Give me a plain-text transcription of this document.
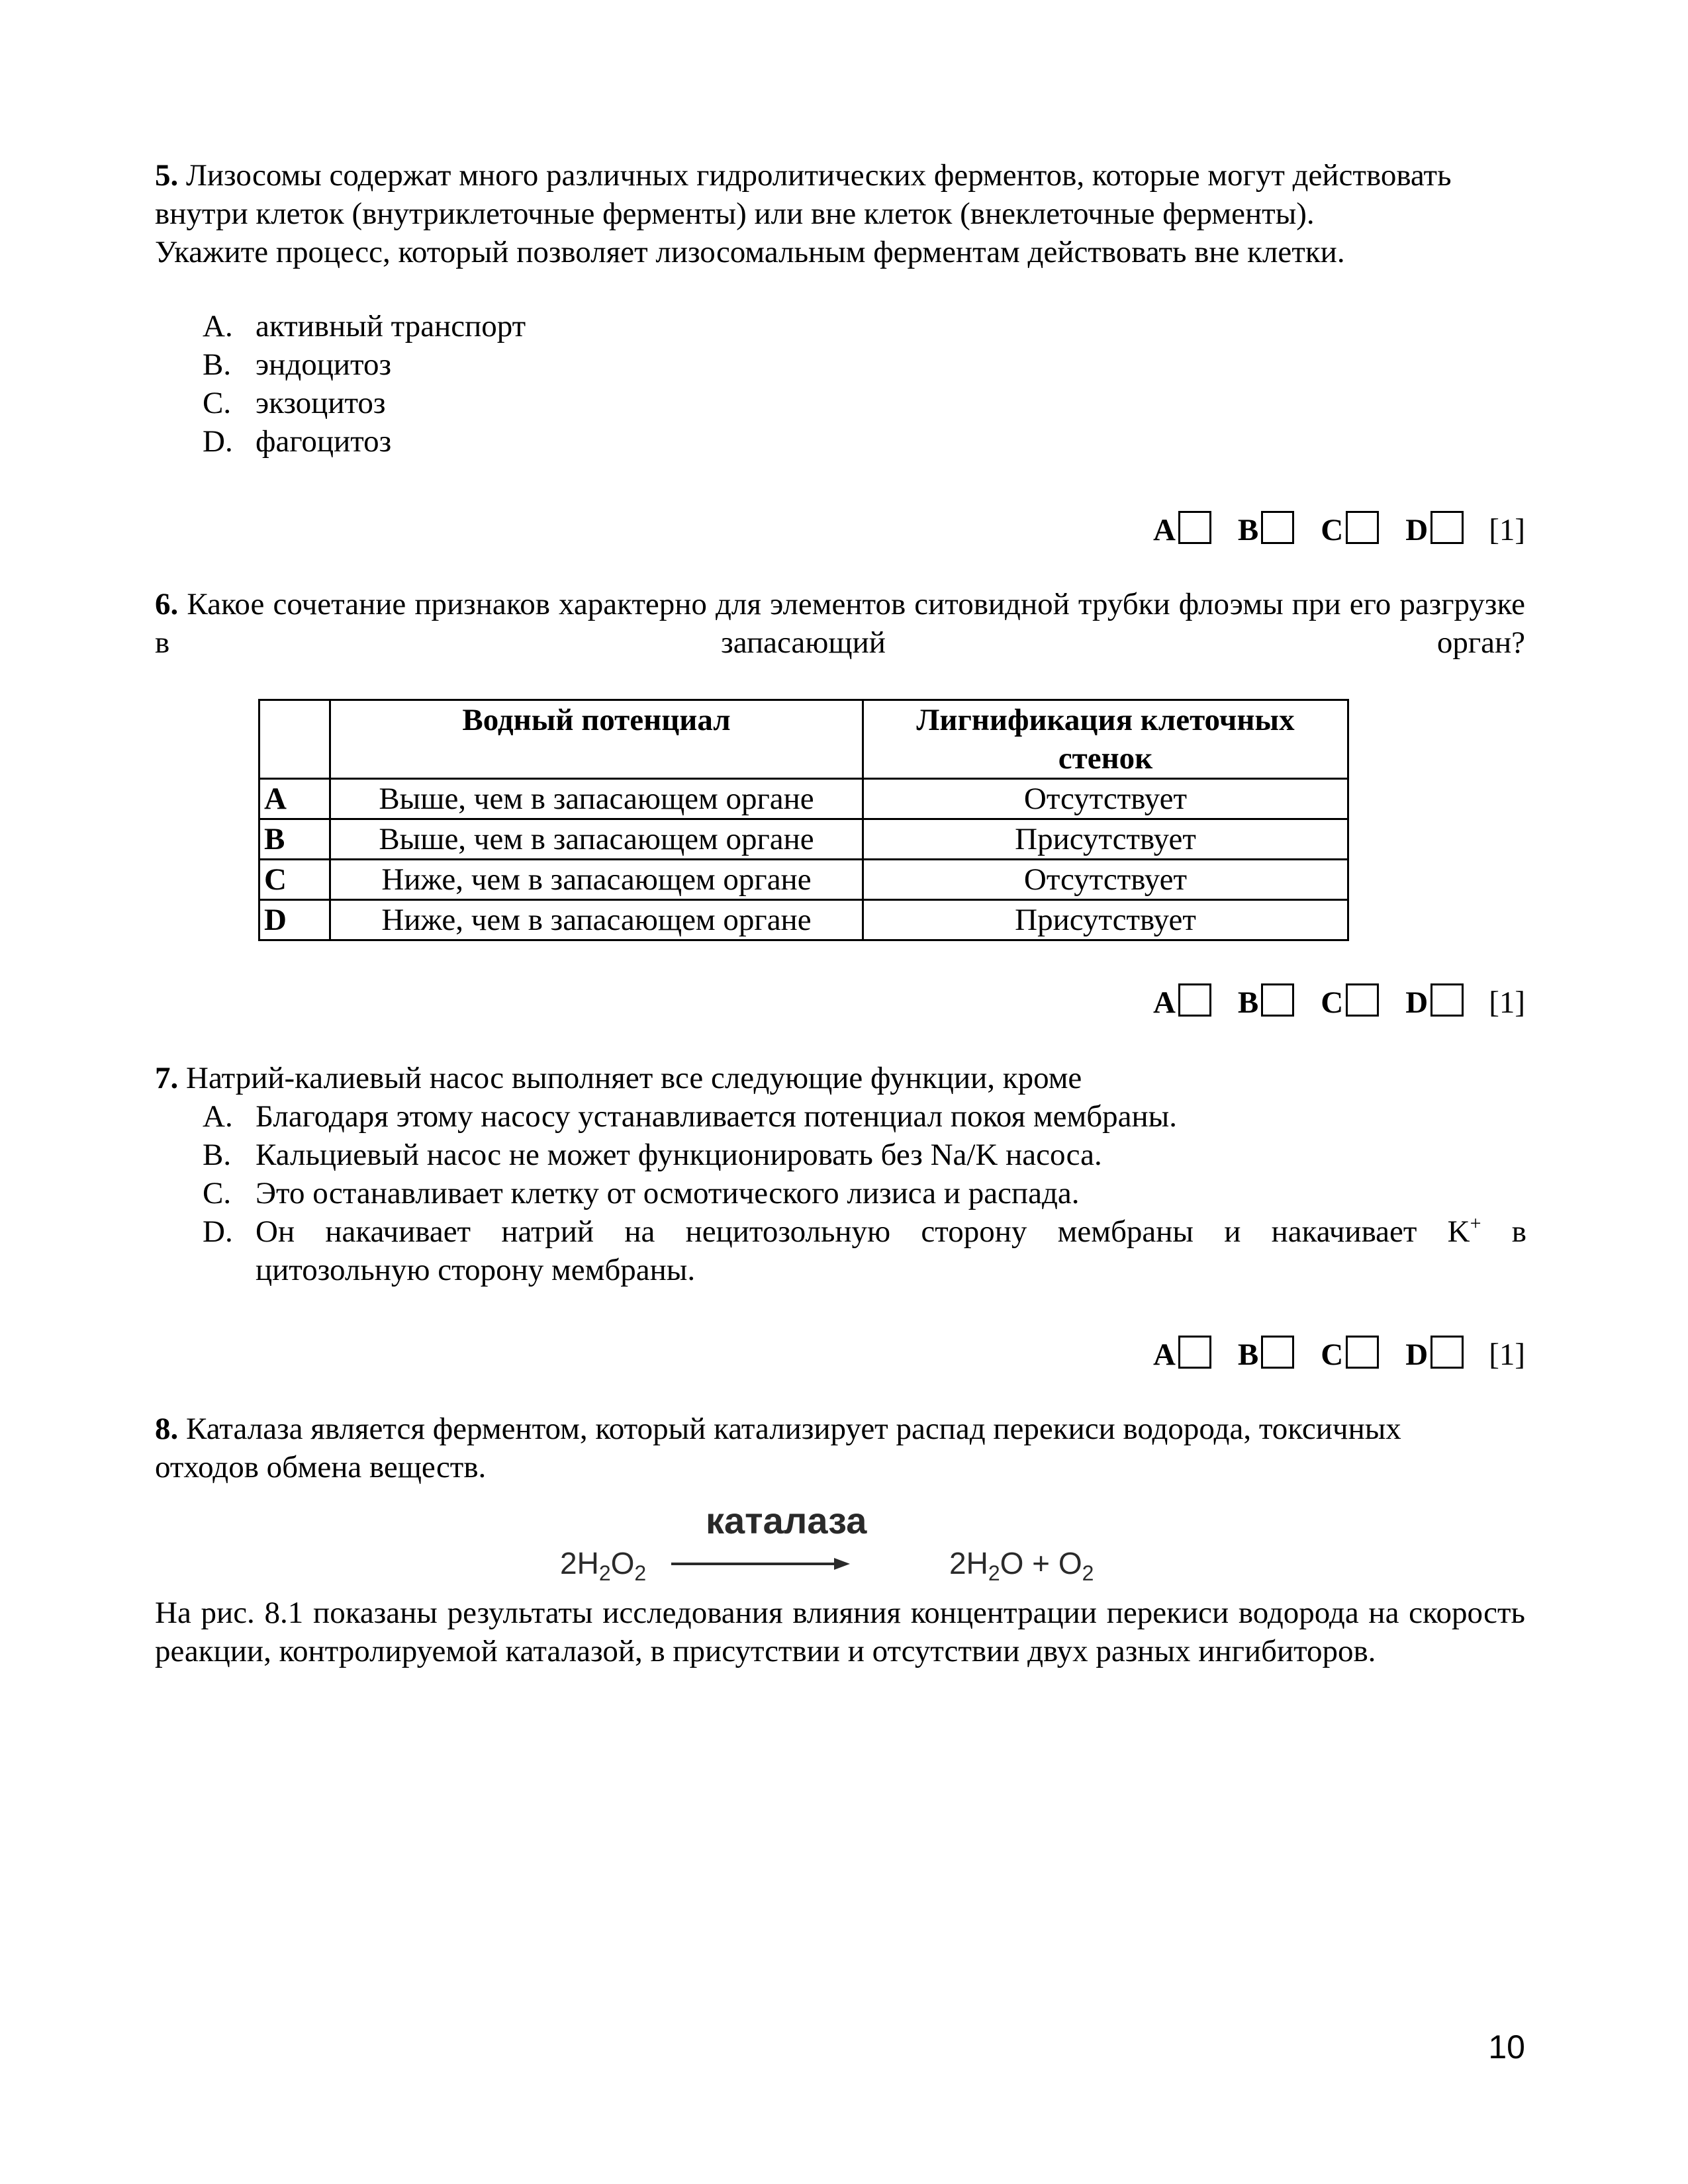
5. Лизосомы содержат много различных гидролитических ферментов, которые могут действовать
внутри клеток (внутриклеточные ферменты) или вне клеток (внеклеточные ферменты).
Укажите процесс, который позволяет лизосомальным ферментам действовать вне клетки.
A. активный транспорт
B. эндоцитоз
C. экзоцитоз
D. фагоцитоз
A B C D [1]
6. Какое сочетание признаков характерно для элементов ситовидной трубки флоэмы при его разгрузке в запасающий орган?
	Водный потенциал	Лигнификация клеточных стенок
A	Выше, чем в запасающем органе	Отсутствует
B	Выше, чем в запасающем органе	Присутствует
C	Ниже, чем в запасающем органе	Отсутствует
D	Ниже, чем в запасающем органе	Присутствует
A B C D [1]
7. Натрий-калиевый насос выполняет все следующие функции, кроме
A. Благодаря этому насосу устанавливается потенциал покоя мембраны.
B. Кальциевый насос не может функционировать без Na/K насоса.
C. Это останавливает клетку от осмотического лизиса и распада.
D. Он накачивает натрий на нецитозольную сторону мембраны и накачивает K+ в
цитозольную сторону мембраны.
A B C D [1]
8. Каталаза является ферментом, который катализирует распад перекиси водорода, токсичных
отходов обмена веществ.
каталаза
$2H_2O_2$	$2H_2O + O_2$
На рис. 8.1 показаны результаты исследования влияния концентрации перекиси водорода на скорость реакции, контролируемой каталазой, в присутствии и отсутствии двух разных ингибиторов.
10
